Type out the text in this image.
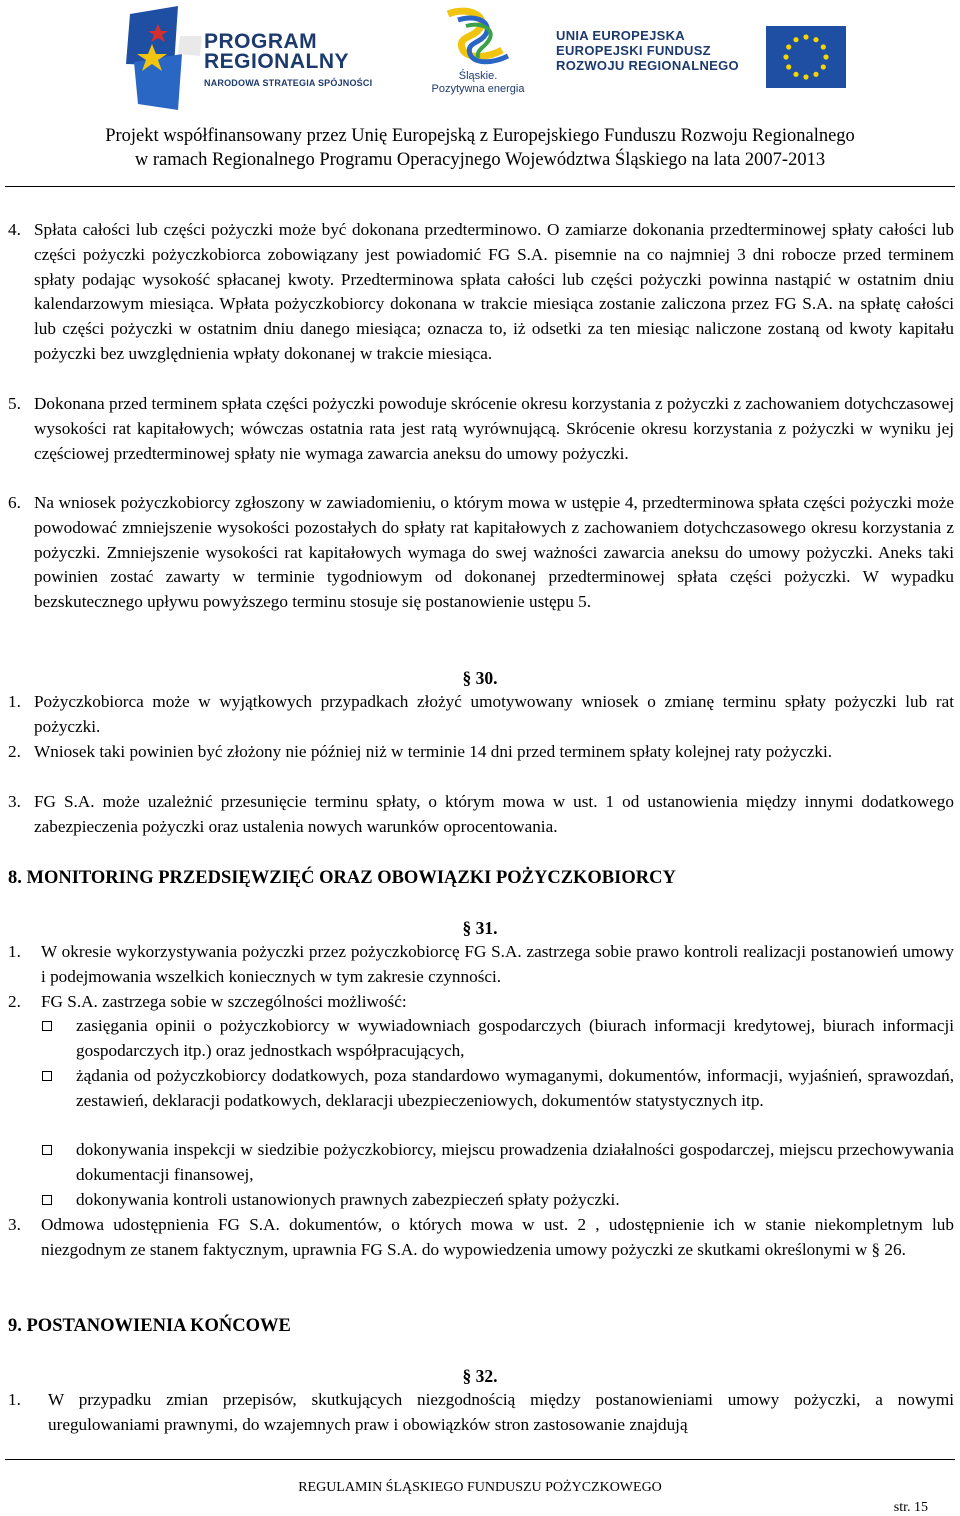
PROGRAM
REGIONALNY
NARODOWA STRATEGIA SPÓJNOŚCI
Śląskie.
Pozytywna energia
UNIA EUROPEJSKA
EUROPEJSKI FUNDUSZ
ROZWOJU REGIONALNEGO
Projekt współfinansowany przez Unię Europejską z Europejskiego Funduszu Rozwoju Regionalnego
w ramach Regionalnego Programu Operacyjnego Województwa Śląskiego na lata 2007-2013
4. Spłata całości lub części pożyczki może być dokonana przedterminowo. O zamiarze dokonania przedterminowej spłaty całości lub części pożyczki pożyczkobiorca zobowiązany jest powiadomić FG S.A. pisemnie na co najmniej 3 dni robocze przed terminem spłaty podając wysokość spłacanej kwoty. Przedterminowa spłata całości lub części pożyczki powinna nastąpić w ostatnim dniu kalendarzowym miesiąca. Wpłata pożyczkobiorcy dokonana w trakcie miesiąca zostanie zaliczona przez FG S.A. na spłatę całości lub części pożyczki w ostatnim dniu danego miesiąca; oznacza to, iż odsetki za ten miesiąc naliczone zostaną od kwoty kapitału pożyczki bez uwzględnienia wpłaty dokonanej w trakcie miesiąca.
5. Dokonana przed terminem spłata części pożyczki powoduje skrócenie okresu korzystania z pożyczki z zachowaniem dotychczasowej wysokości rat kapitałowych; wówczas ostatnia rata jest ratą wyrównującą. Skrócenie okresu korzystania z pożyczki w wyniku jej częściowej przedterminowej spłaty nie wymaga zawarcia aneksu do umowy pożyczki.
6. Na wniosek pożyczkobiorcy zgłoszony w zawiadomieniu, o którym mowa w ustępie 4, przedterminowa spłata części pożyczki może powodować zmniejszenie wysokości pozostałych do spłaty rat kapitałowych z zachowaniem dotychczasowego okresu korzystania z pożyczki. Zmniejszenie wysokości rat kapitałowych wymaga do swej ważności zawarcia aneksu do umowy pożyczki. Aneks taki powinien zostać zawarty w terminie tygodniowym od dokonanej przedterminowej spłata części pożyczki. W wypadku bezskutecznego upływu powyższego terminu stosuje się postanowienie ustępu 5.
§ 30.
1. Pożyczkobiorca może w wyjątkowych przypadkach złożyć umotywowany wniosek o zmianę terminu spłaty pożyczki lub rat pożyczki.
2. Wniosek taki powinien być złożony nie później niż w terminie 14 dni przed terminem spłaty kolejnej raty pożyczki.
3. FG S.A. może uzależnić przesunięcie terminu spłaty, o którym mowa w ust. 1 od ustanowienia między innymi dodatkowego zabezpieczenia pożyczki oraz ustalenia nowych warunków oprocentowania.
8. MONITORING PRZEDSIĘWZIĘĆ ORAZ OBOWIĄZKI POŻYCZKOBIORCY
§ 31.
1. W okresie wykorzystywania pożyczki przez pożyczkobiorcę FG S.A. zastrzega sobie prawo kontroli realizacji postanowień umowy i podejmowania wszelkich koniecznych w tym zakresie czynności.
2. FG S.A. zastrzega sobie w szczególności możliwość:
zasięgania opinii o pożyczkobiorcy w wywiadowniach gospodarczych (biurach informacji kredytowej, biurach informacji gospodarczych itp.) oraz jednostkach współpracujących,
żądania od pożyczkobiorcy dodatkowych, poza standardowo wymaganymi, dokumentów, informacji, wyjaśnień, sprawozdań, zestawień, deklaracji podatkowych, deklaracji ubezpieczeniowych, dokumentów statystycznych itp.
dokonywania inspekcji w siedzibie pożyczkobiorcy, miejscu prowadzenia działalności gospodarczej, miejscu przechowywania dokumentacji finansowej,
dokonywania kontroli ustanowionych prawnych zabezpieczeń spłaty pożyczki.
3. Odmowa udostępnienia FG S.A. dokumentów, o których mowa w ust. 2 , udostępnienie ich w stanie niekompletnym lub niezgodnym ze stanem faktycznym, uprawnia FG S.A. do wypowiedzenia umowy pożyczki ze skutkami określonymi w § 26.
9. POSTANOWIENIA KOŃCOWE
§ 32.
1. W przypadku zmian przepisów, skutkujących niezgodnością między postanowieniami umowy pożyczki, a nowymi uregulowaniami prawnymi, do wzajemnych praw i obowiązków stron zastosowanie znajdują
REGULAMIN ŚLĄSKIEGO FUNDUSZU POŻYCZKOWEGO
str. 15
